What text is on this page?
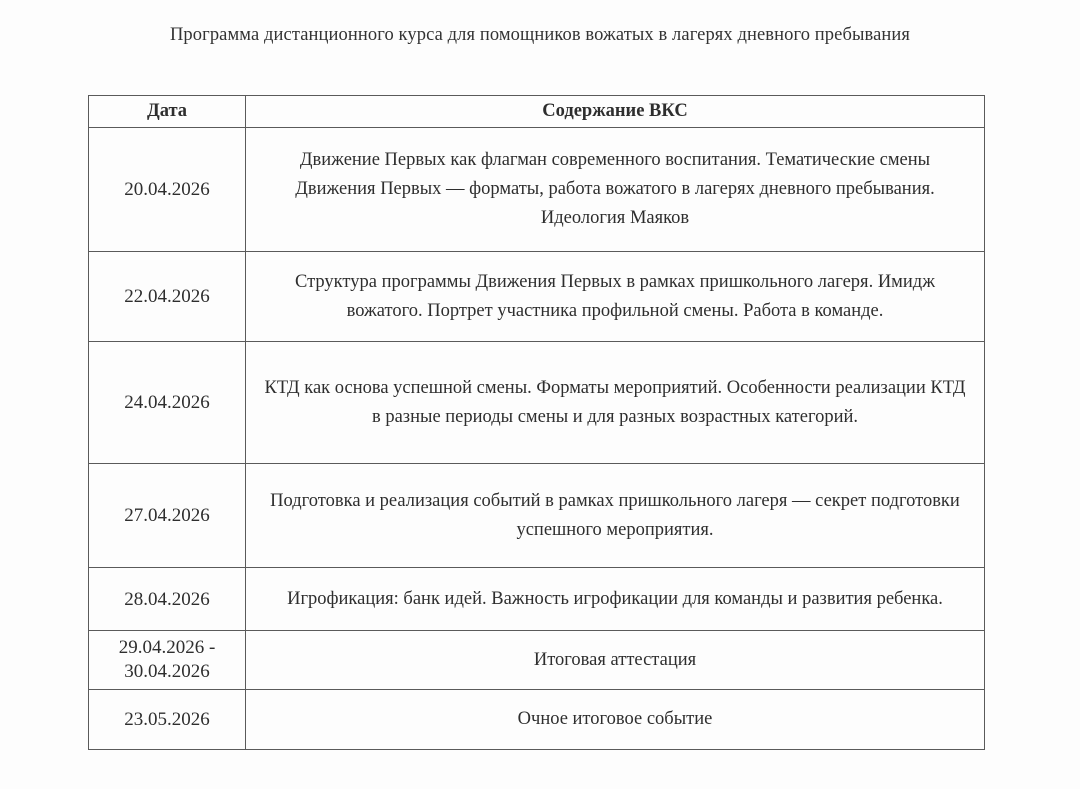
Программа дистанционного курса для помощников вожатых в лагерях дневного пребывания
Дата	Содержание ВКС
20.04.2026	Движение Первых как флагман современного воспитания. Тематические смены Движения Первых — форматы, работа вожатого в лагерях дневного пребывания. Идеология Маяков
22.04.2026	Структура программы Движения Первых в рамках пришкольного лагеря. Имидж вожатого. Портрет участника профильной смены. Работа в команде.
24.04.2026	КТД как основа успешной смены. Форматы мероприятий. Особенности реализации КТД в разные периоды смены и для разных возрастных категорий.
27.04.2026	Подготовка и реализация событий в рамках пришкольного лагеря — секрет подготовки успешного мероприятия.
28.04.2026	Игрофикация: банк идей. Важность игрофикации для команды и развития ребенка.
29.04.2026 - 30.04.2026	Итоговая аттестация
23.05.2026	Очное итоговое событие
